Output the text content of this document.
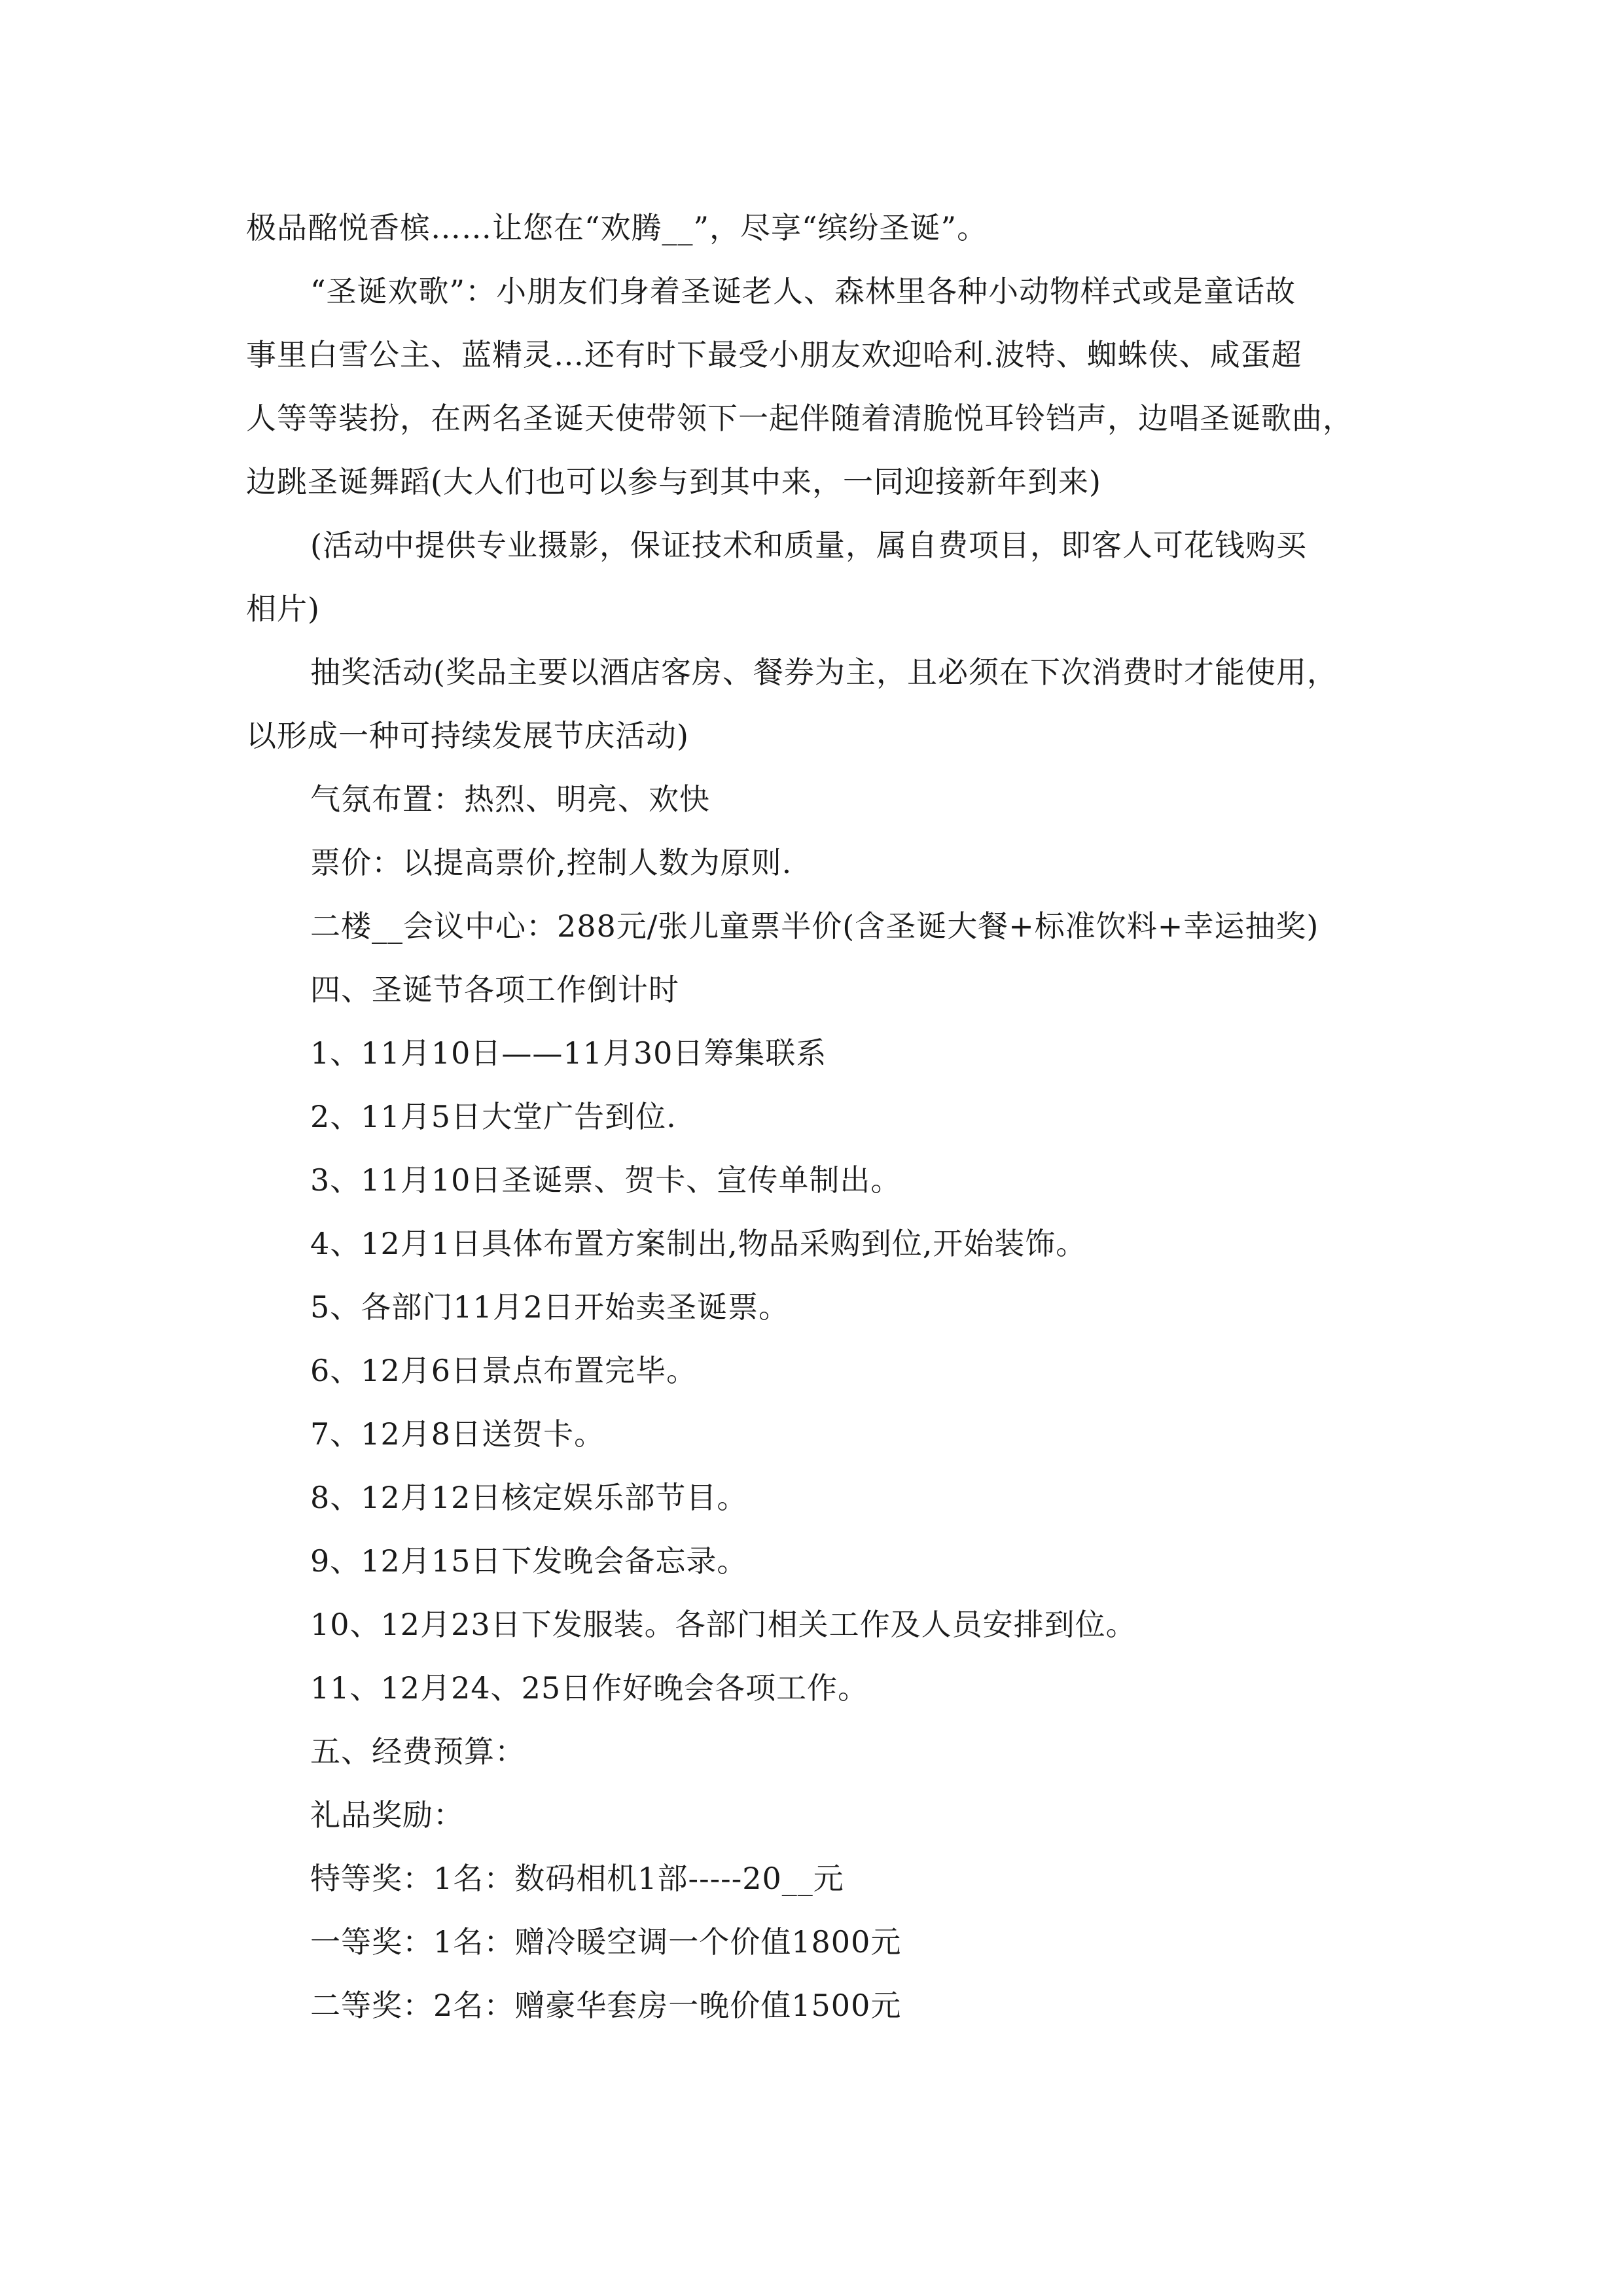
极品酩悦香槟……让您在“欢腾__”，尽享“缤纷圣诞”。
“圣诞欢歌”：小朋友们身着圣诞老人、森林里各种小动物样式或是童话故
事里白雪公主、蓝精灵…还有时下最受小朋友欢迎哈利.波特、蜘蛛侠、咸蛋超
人等等装扮，在两名圣诞天使带领下一起伴随着清脆悦耳铃铛声，边唱圣诞歌曲，
边跳圣诞舞蹈(大人们也可以参与到其中来，一同迎接新年到来)
(活动中提供专业摄影，保证技术和质量，属自费项目，即客人可花钱购买
相片)
抽奖活动(奖品主要以酒店客房、餐券为主，且必须在下次消费时才能使用，
以形成一种可持续发展节庆活动)
气氛布置：热烈、明亮、欢快
票价：以提高票价,控制人数为原则.
二楼__会议中心：288元/张儿童票半价(含圣诞大餐+标准饮料+幸运抽奖)
四、圣诞节各项工作倒计时
1、11月10日——11月30日筹集联系
2、11月5日大堂广告到位.
3、11月10日圣诞票、贺卡、宣传单制出。
4、12月1日具体布置方案制出,物品采购到位,开始装饰。
5、各部门11月2日开始卖圣诞票。
6、12月6日景点布置完毕。
7、12月8日送贺卡。
8、12月12日核定娱乐部节目。
9、12月15日下发晚会备忘录。
10、12月23日下发服装。各部门相关工作及人员安排到位。
11、12月24、25日作好晚会各项工作。
五、经费预算：
礼品奖励：
特等奖：1名：数码相机1部-----20__元
一等奖：1名：赠冷暖空调一个价值1800元
二等奖：2名：赠豪华套房一晚价值1500元
